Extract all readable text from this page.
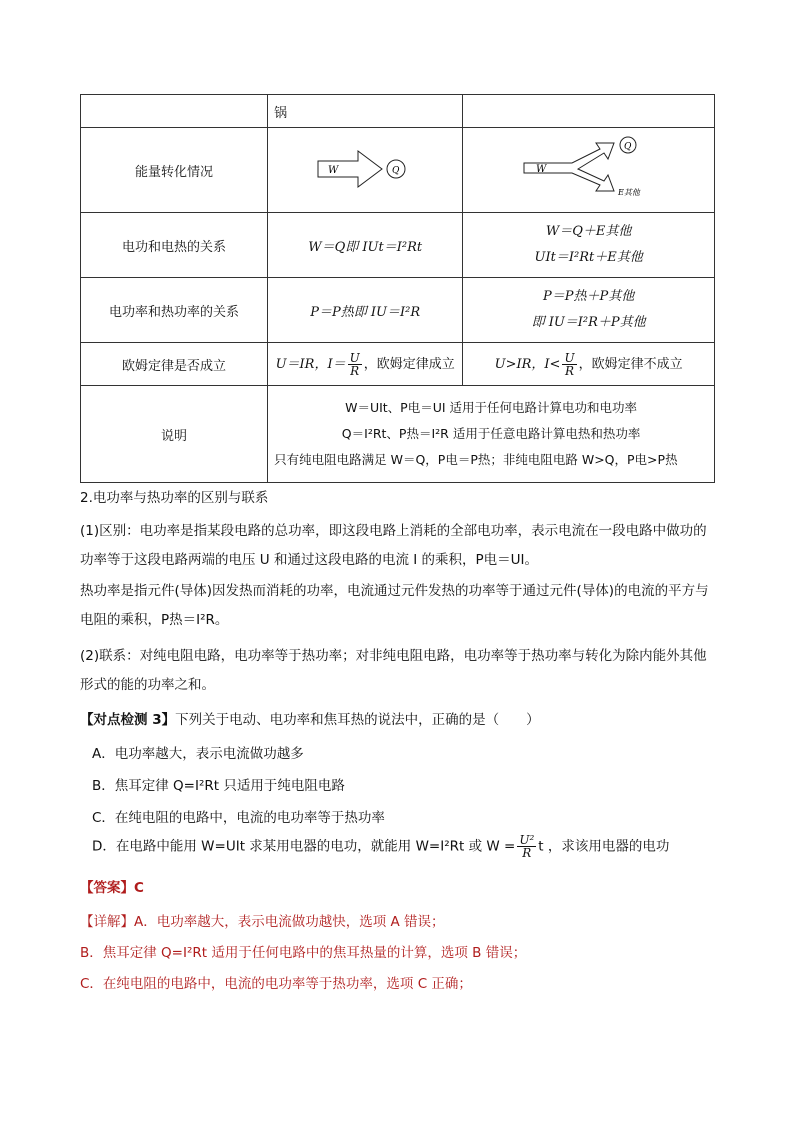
	锅	
能量转化情况	W Q	W
Q
E其他

电功和电热的关系	W＝Q即 IUt＝I²Rt	W＝Q＋E其他
UIt＝I²Rt＋E其他

电功率和热功率的关系	P＝P热即 IU＝I²R	P＝P热＋P其他
即 IU＝I²R＋P其他

欧姆定律是否成立	U＝IR，$I= \frac{U}{R}$ ，欧姆定律成立	U>IR，$I< \frac{U}{R}$ ，欧姆定律不成立
说明	W＝UIt、P电＝UI 适用于任何电路计算电功和电功率
Q＝I²Rt、P热＝I²R 适用于任意电路计算电热和热功率
只有纯电阻电路满足 W＝Q，P电＝P热；非纯电阻电路 W>Q，P电>P热	
2.电功率与热功率的区别与联系
(1)区别：电功率是指某段电路的总功率，即这段电路上消耗的全部电功率，表示电流在一段电路中做功的功率等于这段电路两端的电压 U 和通过这段电路的电流 I 的乘积，P电＝UI。
热功率是指元件(导体)因发热而消耗的功率，电流通过元件发热的功率等于通过元件(导体)的电流的平方与电阻的乘积，P热＝I²R。
(2)联系：对纯电阻电路，电功率等于热功率；对非纯电阻电路，电功率等于热功率与转化为除内能外其他形式的能的功率之和。
【对点检测 3】下列关于电动、电功率和焦耳热的说法中，正确的是（　　）
A．电功率越大，表示电流做功越多
B．焦耳定律 Q=I²Rt 只适用于纯电阻电路
C．在纯电阻的电路中，电流的电功率等于热功率
D．在电路中能用 W=UIt 求某用电器的电功，就能用 W=I²Rt 或 $W = \frac{\text{U²}}{R}$ t ，求该用电器的电功
【答案】C
【详解】A．电功率越大，表示电流做功越快，选项 A 错误；
B．焦耳定律 Q=I²Rt 适用于任何电路中的焦耳热量的计算，选项 B 错误；
C．在纯电阻的电路中，电流的电功率等于热功率，选项 C 正确；
